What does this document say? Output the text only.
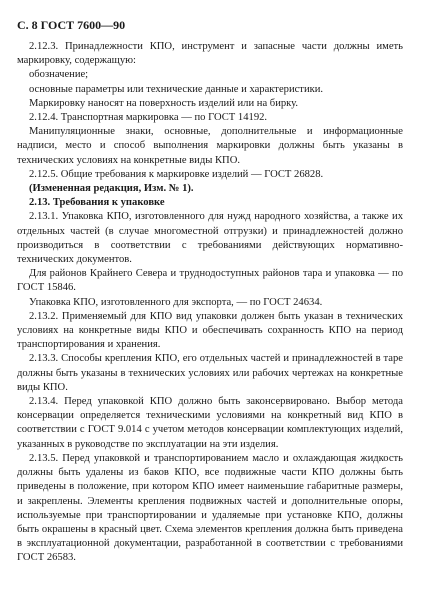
С. 8 ГОСТ 7600—90

2.12.3. Принадлежности КПО, инструмент и запасные части должны иметь маркировку, содержащую:

обозначение;

основные параметры или технические данные и характеристики.

Маркировку наносят на поверхность изделий или на бирку.

2.12.4. Транспортная маркировка — по ГОСТ 14192.

Манипуляционные знаки, основные, дополнительные и информационные надписи, место и способ выполнения маркировки должны быть указаны в технических условиях на конкретные виды КПО.

2.12.5. Общие требования к маркировке изделий — ГОСТ 26828.

(Измененная редакция, Изм. № 1).

2.13. Требования к упаковке

2.13.1. Упаковка КПО, изготовленного для нужд народного хозяйства, а также их отдельных частей (в случае многоместной отгрузки) и принадлежностей должно производиться в соответствии с требованиями действующих нормативно-технических документов.

Для районов Крайнего Севера и труднодоступных районов тара и упаковка — по ГОСТ 15846.

Упаковка КПО, изготовленного для экспорта, — по ГОСТ 24634.

2.13.2. Применяемый для КПО вид упаковки должен быть указан в технических условиях на конкретные виды КПО и обеспечивать сохранность КПО на период транспортирования и хранения.

2.13.3. Способы крепления КПО, его отдельных частей и принадлежностей в таре должны быть указаны в технических условиях или рабочих чертежах на конкретные виды КПО.

2.13.4. Перед упаковкой КПО должно быть законсервировано. Выбор метода консервации определяется техническими условиями на конкретный вид КПО в соответствии с ГОСТ 9.014 с учетом методов консервации комплектующих изделий, указанных в руководстве по эксплуатации на эти изделия.

2.13.5. Перед упаковкой и транспортированием масло и охлаждающая жидкость должны быть удалены из баков КПО, все подвижные части КПО должны быть приведены в положение, при котором КПО имеет наименьшие габаритные размеры, и закреплены. Элементы крепления подвижных частей и дополнительные опоры, используемые при транспортировании и удаляемые при установке КПО, должны быть окрашены в красный цвет. Схема элементов крепления должна быть приведена в эксплуатационной документации, разработанной в соответствии с требованиями ГОСТ 26583.
